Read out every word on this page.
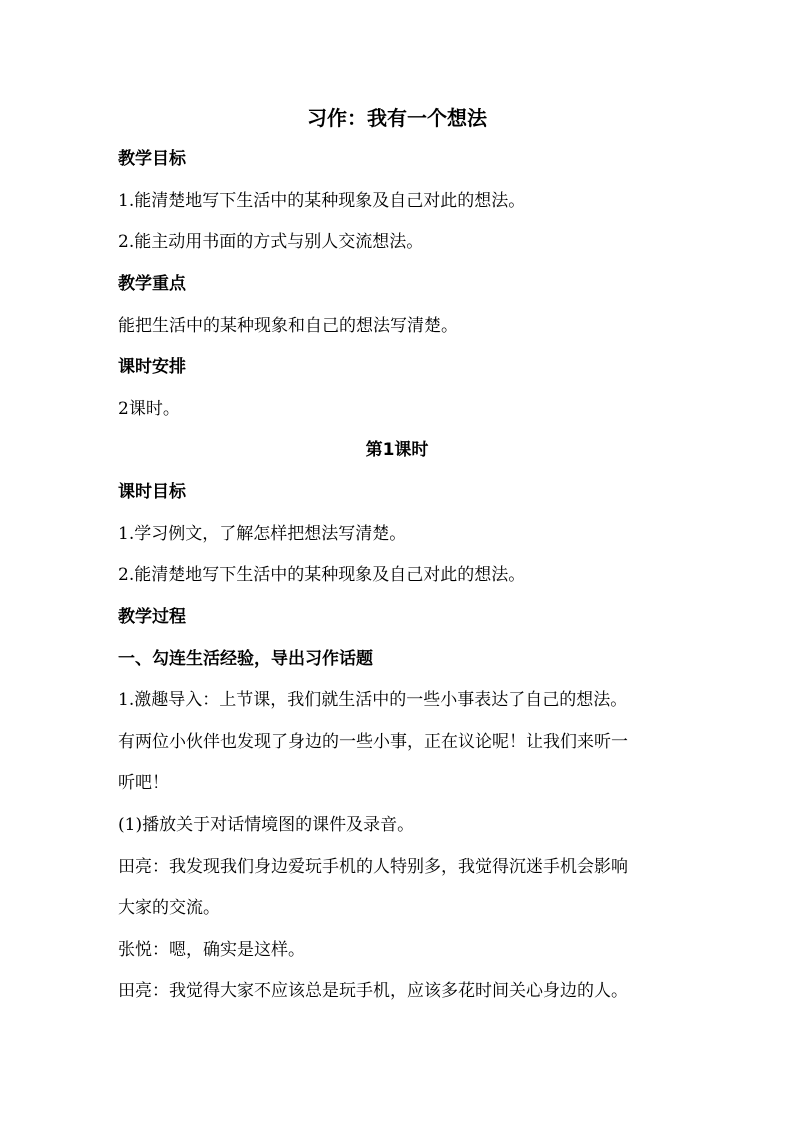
习作：我有一个想法
教学目标
1.能清楚地写下生活中的某种现象及自己对此的想法。
2.能主动用书面的方式与别人交流想法。
教学重点
能把生活中的某种现象和自己的想法写清楚。
课时安排
2课时。
第1课时
课时目标
1.学习例文，了解怎样把想法写清楚。
2.能清楚地写下生活中的某种现象及自己对此的想法。
教学过程
一、勾连生活经验，导出习作话题
1.激趣导入：上节课，我们就生活中的一些小事表达了自己的想法。
有两位小伙伴也发现了身边的一些小事，正在议论呢！让我们来听一
听吧！
(1)播放关于对话情境图的课件及录音。
田亮：我发现我们身边爱玩手机的人特别多，我觉得沉迷手机会影响
大家的交流。
张悦：嗯，确实是这样。
田亮：我觉得大家不应该总是玩手机，应该多花时间关心身边的人。
